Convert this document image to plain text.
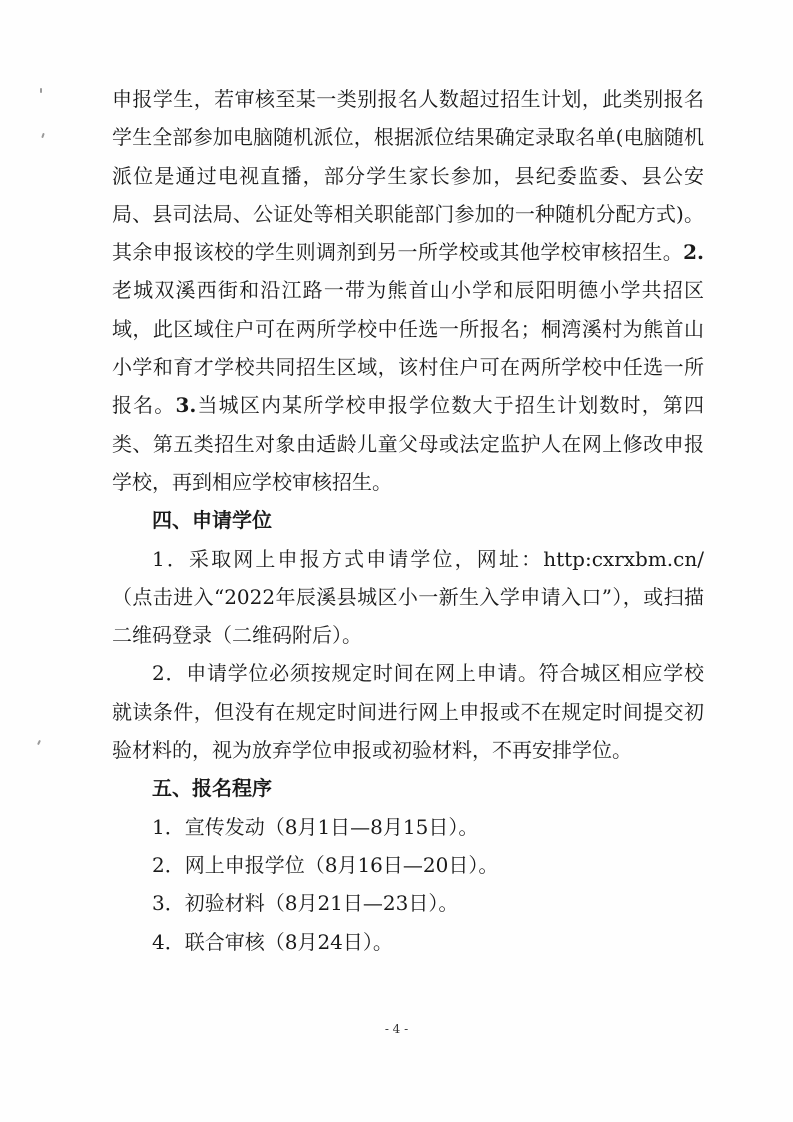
申报学生，若审核至某一类别报名人数超过招生计划，此类别报名学生全部参加电脑随机派位，根据派位结果确定录取名单(电脑随机派位是通过电视直播，部分学生家长参加，县纪委监委、县公安局、县司法局、公证处等相关职能部门参加的一种随机分配方式)。其余申报该校的学生则调剂到另一所学校或其他学校审核招生。2.老城双溪西街和沿江路一带为熊首山小学和辰阳明德小学共招区域，此区域住户可在两所学校中任选一所报名；桐湾溪村为熊首山小学和育才学校共同招生区域，该村住户可在两所学校中任选一所报名。3.当城区内某所学校申报学位数大于招生计划数时，第四类、第五类招生对象由适龄儿童父母或法定监护人在网上修改申报学校，再到相应学校审核招生。

四、申请学位

1．采取网上申报方式申请学位，网址：http:cxrxbm.cn/（点击进入“2022年辰溪县城区小一新生入学申请入口”），或扫描二维码登录（二维码附后）。

2．申请学位必须按规定时间在网上申请。符合城区相应学校就读条件，但没有在规定时间进行网上申报或不在规定时间提交初验材料的，视为放弃学位申报或初验材料，不再安排学位。

五、报名程序

1．宣传发动（8月1日—8月15日）。

2．网上申报学位（8月16日—20日）。

3．初验材料（8月21日—23日）。

4．联合审核（8月24日）。

- 4 -
